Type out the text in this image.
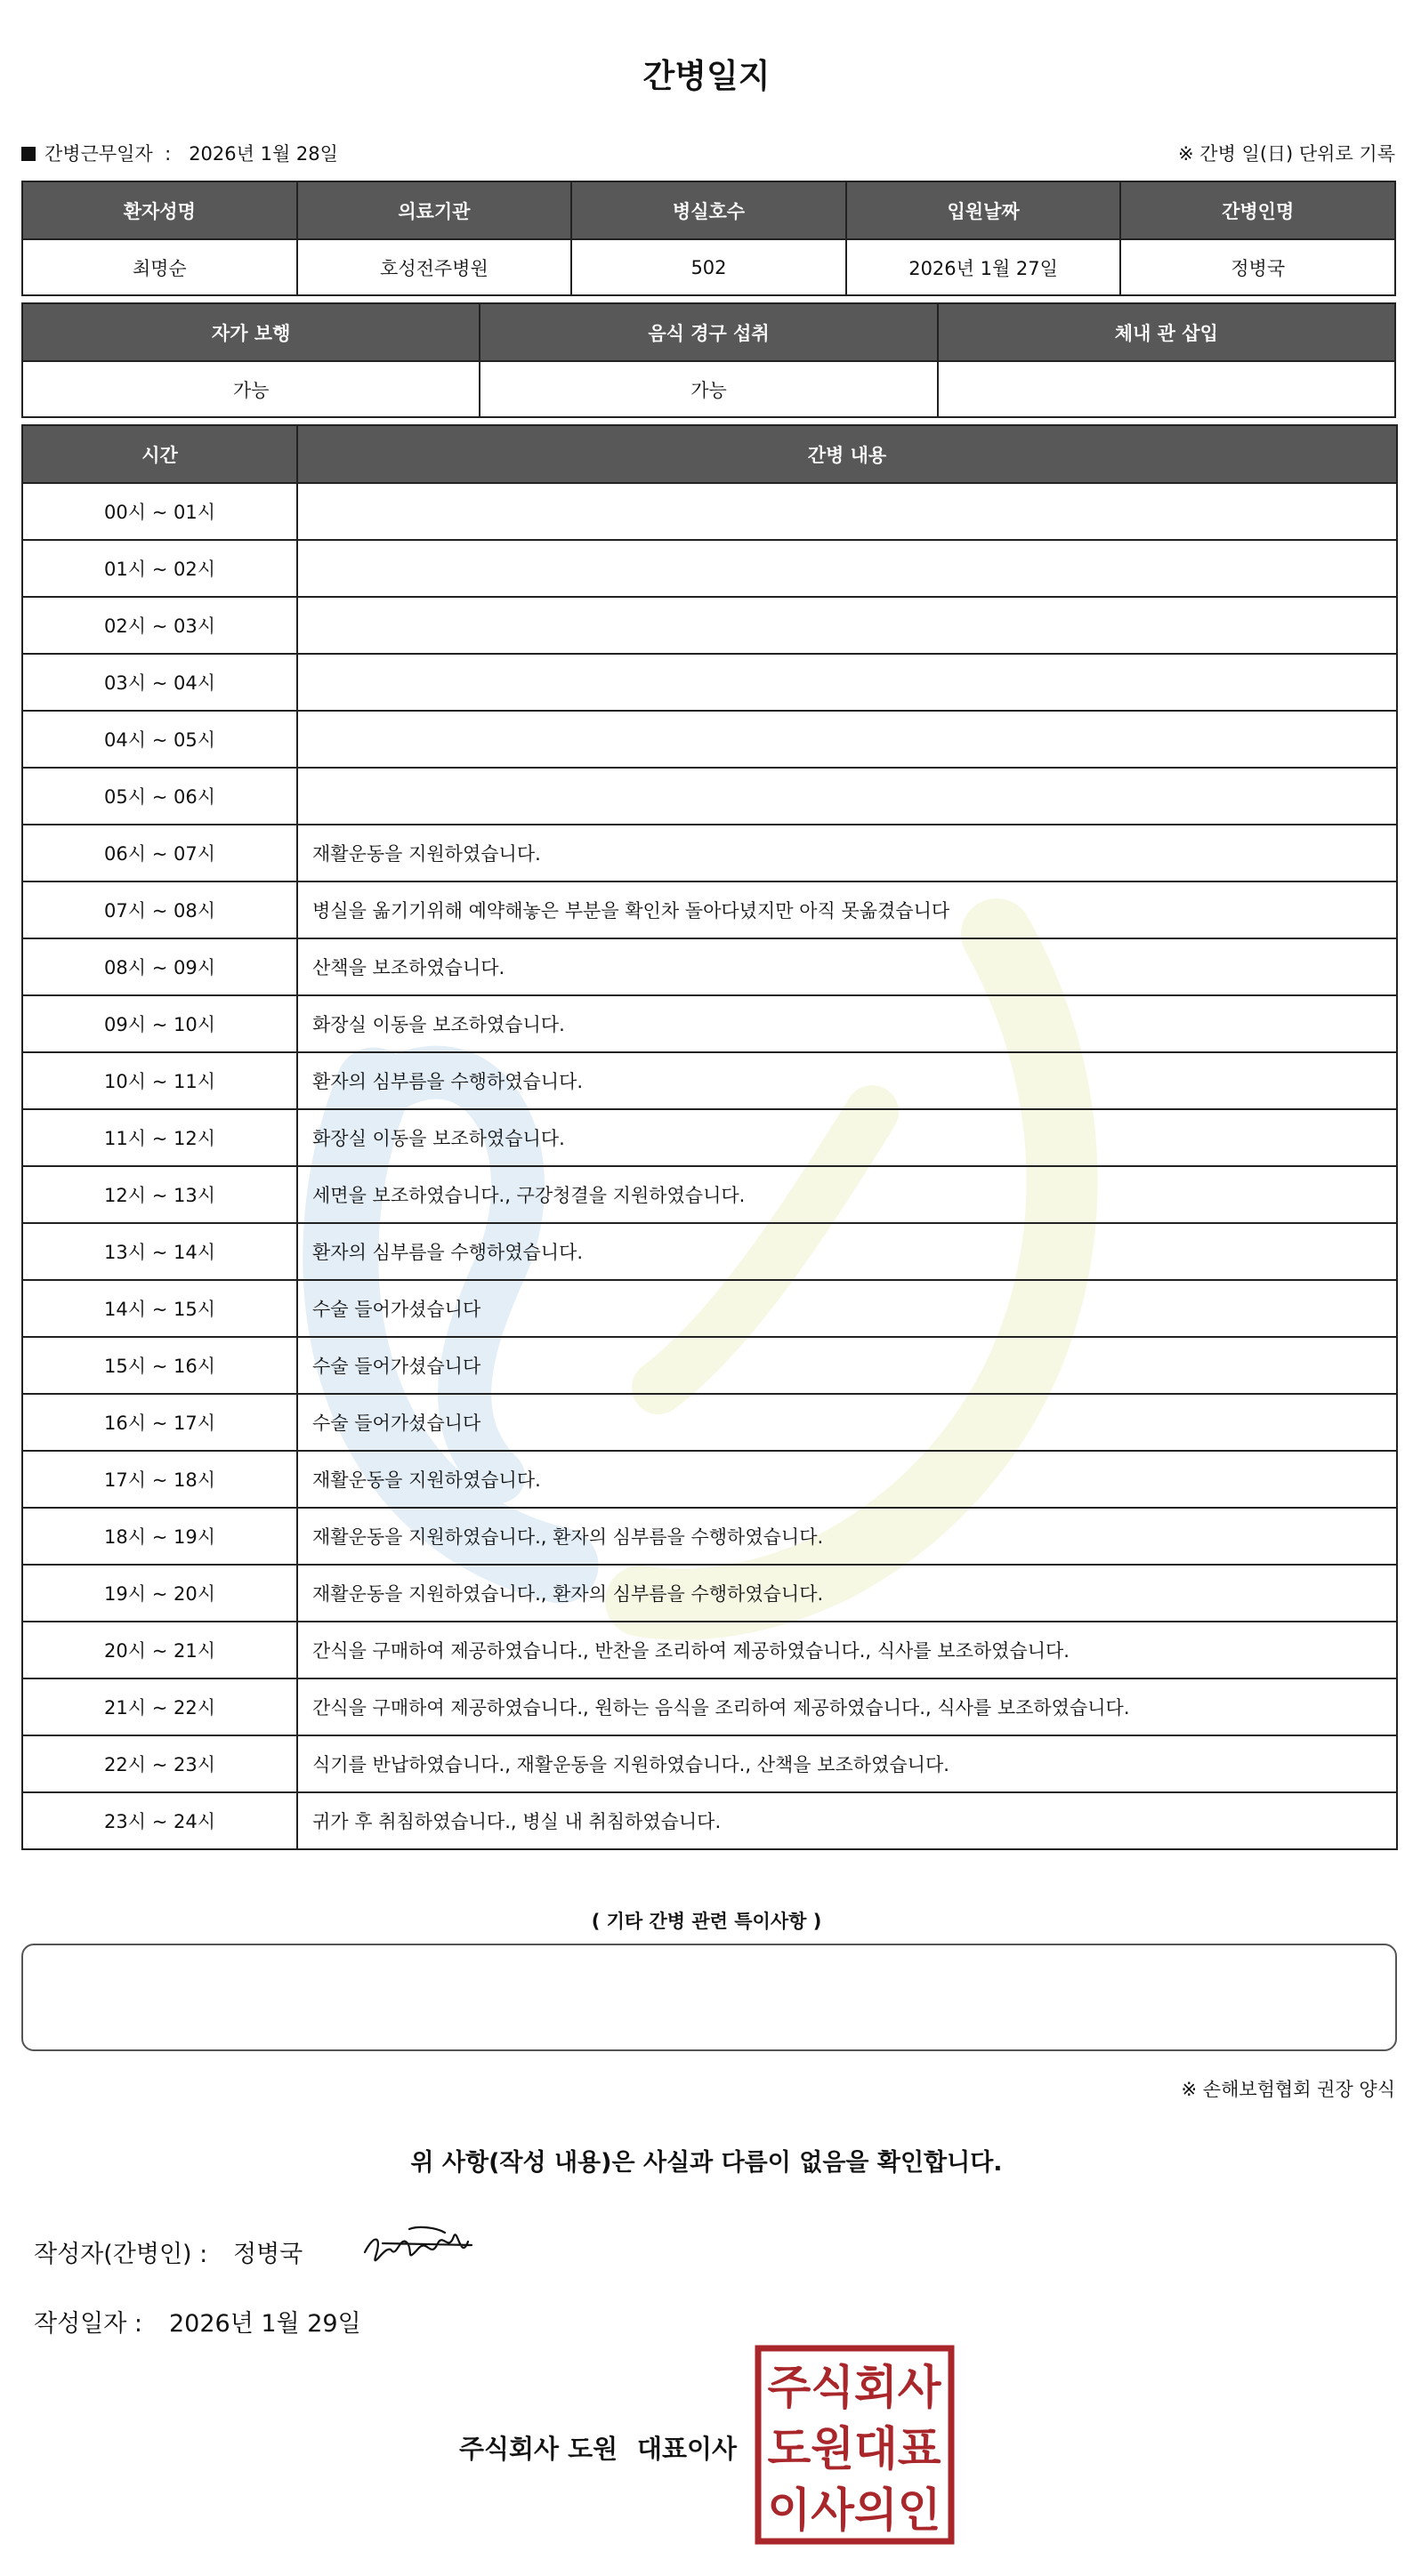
간병일지
간병근무일자 : 2026년 1월 28일	※ 간병 일(日) 단위로 기록
환자성명	의료기관	병실호수	입원날짜	간병인명
최명순	호성전주병원	502	2026년 1월 27일	정병국
자가 보행	음식 경구 섭취	체내 관 삽입
가능	가능	
시간	간병 내용
00시 ~ 01시	
01시 ~ 02시	
02시 ~ 03시	
03시 ~ 04시	
04시 ~ 05시	
05시 ~ 06시	
06시 ~ 07시	재활운동을 지원하였습니다.
07시 ~ 08시	병실을 옮기기위해 예약해놓은 부분을 확인차 돌아다녔지만 아직 못옮겼습니다
08시 ~ 09시	산책을 보조하였습니다.
09시 ~ 10시	화장실 이동을 보조하였습니다.
10시 ~ 11시	환자의 심부름을 수행하였습니다.
11시 ~ 12시	화장실 이동을 보조하였습니다.
12시 ~ 13시	세면을 보조하였습니다., 구강청결을 지원하였습니다.
13시 ~ 14시	환자의 심부름을 수행하였습니다.
14시 ~ 15시	수술 들어가셨습니다
15시 ~ 16시	수술 들어가셨습니다
16시 ~ 17시	수술 들어가셨습니다
17시 ~ 18시	재활운동을 지원하였습니다.
18시 ~ 19시	재활운동을 지원하였습니다., 환자의 심부름을 수행하였습니다.
19시 ~ 20시	재활운동을 지원하였습니다., 환자의 심부름을 수행하였습니다.
20시 ~ 21시	간식을 구매하여 제공하였습니다., 반찬을 조리하여 제공하였습니다., 식사를 보조하였습니다.
21시 ~ 22시	간식을 구매하여 제공하였습니다., 원하는 음식을 조리하여 제공하였습니다., 식사를 보조하였습니다.
22시 ~ 23시	식기를 반납하였습니다., 재활운동을 지원하였습니다., 산책을 보조하였습니다.
23시 ~ 24시	귀가 후 취침하였습니다., 병실 내 취침하였습니다.
( 기타 간병 관련 특이사항 )
※ 손해보험협회 권장 양식
위 사항(작성 내용)은 사실과 다름이 없음을 확인합니다.
작성자(간병인) : 정병국
작성일자 : 2026년 1월 29일
주식회사 도원 대표이사
주식회사
도원대표
이사의인
